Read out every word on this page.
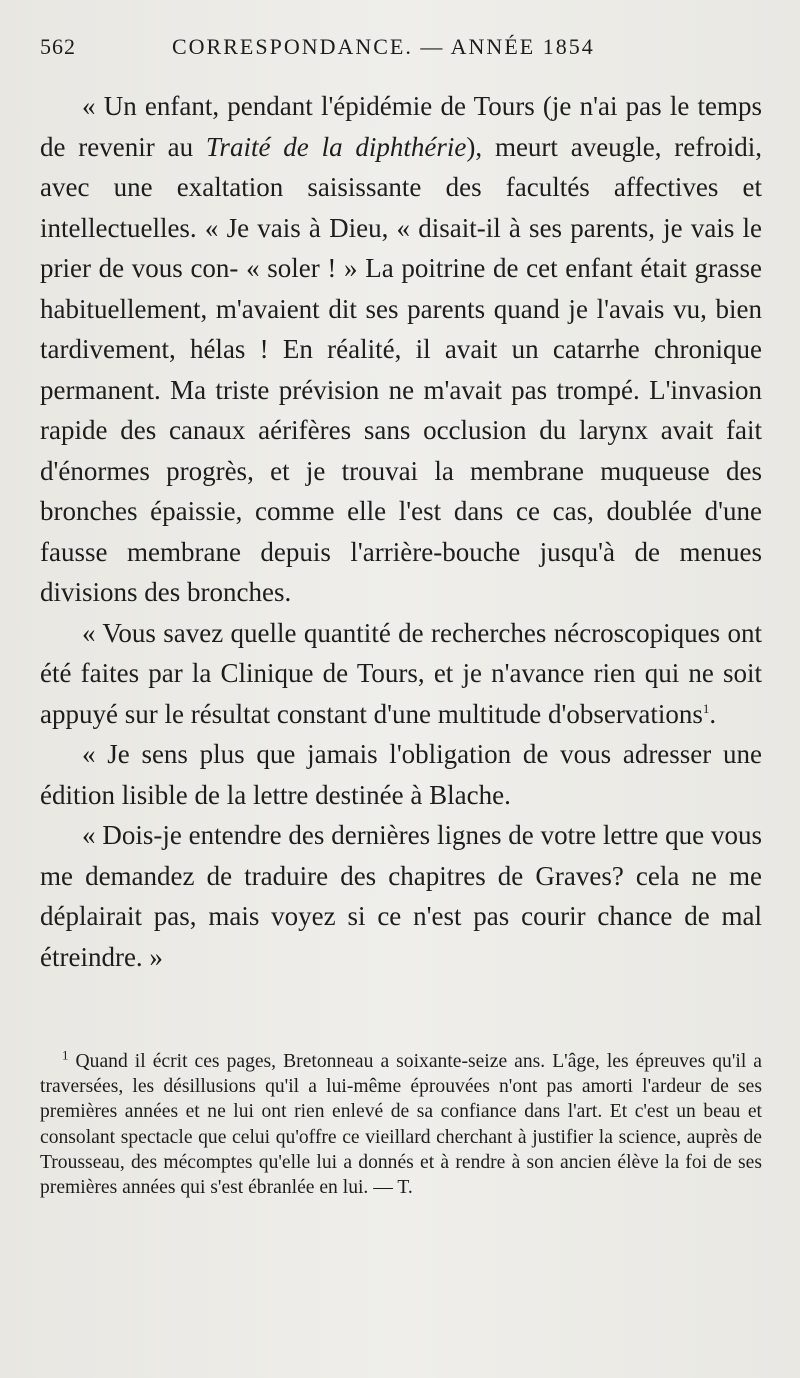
562	CORRESPONDANCE. — ANNÉE 1854

« Un enfant, pendant l'épidémie de Tours (je n'ai pas le temps de revenir au Traité de la diphthérie), meurt aveugle, refroidi, avec une exaltation saisissante des facultés affectives et intellectuelles. « Je vais à Dieu, « disait-il à ses parents, je vais le prier de vous con- « soler ! » La poitrine de cet enfant était grasse habituellement, m'avaient dit ses parents quand je l'avais vu, bien tardivement, hélas ! En réalité, il avait un catarrhe chronique permanent. Ma triste prévision ne m'avait pas trompé. L'invasion rapide des canaux aérifères sans occlusion du larynx avait fait d'énormes progrès, et je trouvai la membrane muqueuse des bronches épaissie, comme elle l'est dans ce cas, doublée d'une fausse membrane depuis l'arrière-bouche jusqu'à de menues divisions des bronches.

« Vous savez quelle quantité de recherches nécroscopiques ont été faites par la Clinique de Tours, et je n'avance rien qui ne soit appuyé sur le résultat constant d'une multitude d'observations$^1$.

« Je sens plus que jamais l'obligation de vous adresser une édition lisible de la lettre destinée à Blache.

« Dois-je entendre des dernières lignes de votre lettre que vous me demandez de traduire des chapitres de Graves? cela ne me déplairait pas, mais voyez si ce n'est pas courir chance de mal étreindre. »

$^1$ Quand il écrit ces pages, Bretonneau a soixante-seize ans. L'âge, les épreuves qu'il a traversées, les désillusions qu'il a lui-même éprouvées n'ont pas amorti l'ardeur de ses premières années et ne lui ont rien enlevé de sa confiance dans l'art. Et c'est un beau et consolant spectacle que celui qu'offre ce vieillard cherchant à justifier la science, auprès de Trousseau, des mécomptes qu'elle lui a donnés et à rendre à son ancien élève la foi de ses premières années qui s'est ébranlée en lui. — T.
